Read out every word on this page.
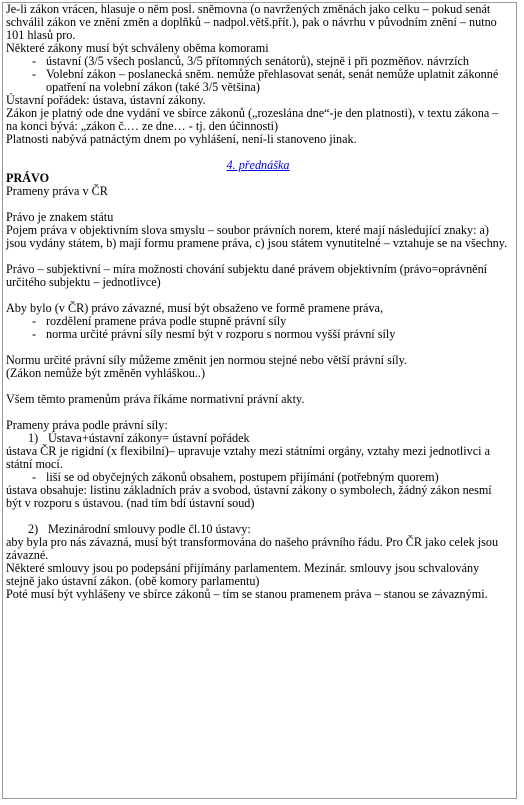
Je-li zákon vrácen, hlasuje o něm posl. sněmovna (o navržených změnách jako celku – pokud senát schválil zákon ve znění změn a doplňků – nadpol.větš.přít.), pak o návrhu v původním znění – nutno 101 hlasů pro.

Některé zákony musí být schváleny oběma komorami

- ústavní (3/5 všech poslanců, 3/5 přítomných senátorů), stejně i při pozměňov. návrzích

- Volební zákon – poslanecká sněm. nemůže přehlasovat senát, senát nemůže uplatnit zákonné opatření na volební zákon (také 3/5 většina)

Ústavní pořádek: ústava, ústavní zákony.

Zákon je platný ode dne vydání ve sbírce zákonů („rozeslána dne“-je den platnosti), v textu zákona – na konci bývá: „zákon č.… ze dne… - tj. den účinnosti)

Platnosti nabývá patnáctým dnem po vyhlášení, není-li stanoveno jinak.

4. přednáška

PRÁVO

Prameny práva v ČR

Právo je znakem státu

Pojem práva v objektivním slova smyslu – soubor právních norem, které mají následující znaky: a) jsou vydány státem, b) mají formu pramene práva, c) jsou státem vynutitelné – vztahuje se na všechny.

Právo – subjektivní – míra možnosti chování subjektu dané právem objektivním (právo=oprávnění určitého subjektu – jednotlivce)

Aby bylo (v ČR) právo závazné, musí být obsaženo ve formě pramene práva,

- rozdělení pramene práva podle stupně právní síly

- norma určité právní síly nesmí být v rozporu s normou vyšší právní síly

Normu určité právní síly můžeme změnit jen normou stejné nebo větší právní síly.

(Zákon nemůže být změněn vyhláškou..)

Všem těmto pramenům práva říkáme normativní právní akty.

Prameny práva podle právní síly:

1) Ústava+ústavní zákony= ústavní pořádek

ústava ČR je rigidní (x flexibilní)– upravuje vztahy mezi státními orgány, vztahy mezi jednotlivci a státní mocí.

- liší se od obyčejných zákonů obsahem, postupem přijímání (potřebným quorem)

ústava obsahuje: listinu základních práv a svobod, ústavní zákony o symbolech, žádný zákon nesmí být v rozporu s ústavou. (nad tím bdí ústavní soud)

2) Mezinárodní smlouvy podle čl.10 ústavy:

aby byla pro nás závazná, musí být transformována do našeho právního řádu. Pro ČR jako celek jsou závazné.

Některé smlouvy jsou po podepsání přijímány parlamentem. Mezinár. smlouvy jsou schvalovány stejně jako ústavní zákon. (obě komory parlamentu)

Poté musí být vyhlášeny ve sbírce zákonů – tím se stanou pramenem práva – stanou se závaznými.
